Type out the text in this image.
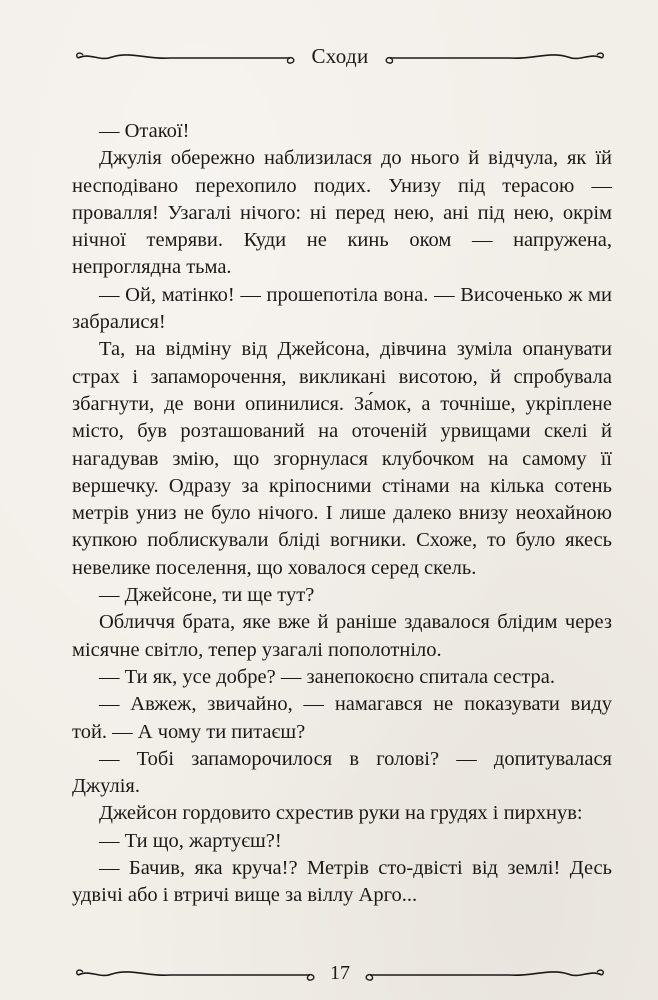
Сходи

— Отакої!

Джулія обережно наблизилася до нього й відчула, як їй несподівано перехопило подих. Унизу під терасою — провалля! Узагалі нічого: ні перед нею, ані під нею, окрім нічної темряви. Куди не кинь оком — напружена, непроглядна тьма.

— Ой, матінко! — прошепотіла вона. — Височенько ж ми забралися!

Та, на відміну від Джейсона, дівчина зуміла опанувати страх і запаморочення, викликані висотою, й спробувала збагнути, де вони опинилися. За́мок, а точніше, укріплене місто, був розташований на оточеній урвищами скелі й нагадував змію, що згорнулася клубочком на самому її вершечку. Одразу за кріпосними стінами на кілька сотень метрів униз не було нічого. І лише далеко внизу неохайною купкою поблискували бліді вогники. Схоже, то було якесь невелике поселення, що ховалося серед скель.

— Джейсоне, ти ще тут?

Обличчя брата, яке вже й раніше здавалося блідим через місячне світло, тепер узагалі пополотніло.

— Ти як, усе добре? — занепокоєно спитала сестра.

— Авжеж, звичайно, — намагався не показувати виду той. — А чому ти питаєш?

— Тобі запаморочилося в голові? — допитувалася Джулія.

Джейсон гордовито схрестив руки на грудях і пирхнув:

— Ти що, жартуєш?!

— Бачив, яка круча!? Метрів сто-двісті від землі! Десь удвічі або і втричі вище за віллу Арго...

17
